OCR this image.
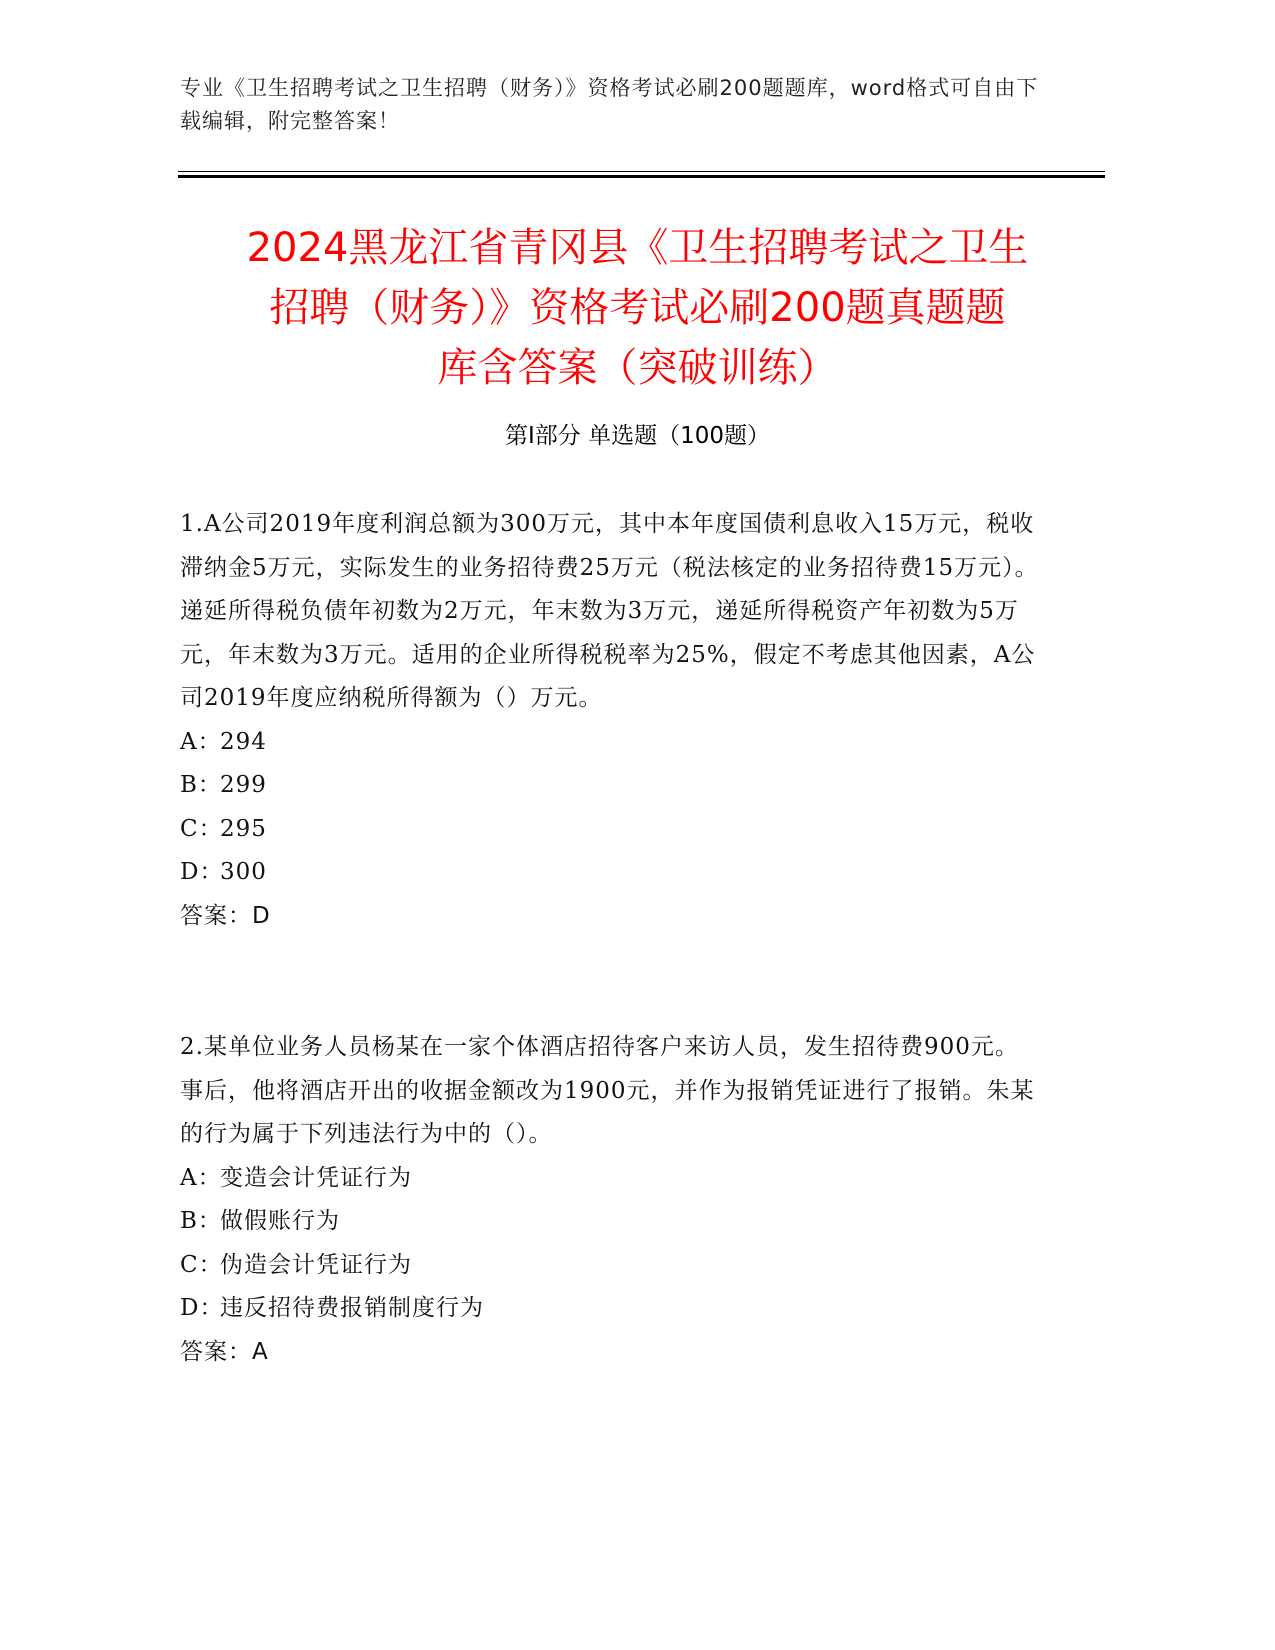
专业《卫生招聘考试之卫生招聘（财务）》资格考试必刷200题题库，word格式可自由下载编辑，附完整答案！
2024黑龙江省青冈县《卫生招聘考试之卫生
招聘（财务）》资格考试必刷200题真题题
库含答案（突破训练）
第Ⅰ部分 单选题（100题）
1.A公司2019年度利润总额为300万元，其中本年度国债利息收入15万元，税收滞纳金5万元，实际发生的业务招待费25万元（税法核定的业务招待费15万元）。递延所得税负债年初数为2万元，年末数为3万元，递延所得税资产年初数为5万元，年末数为3万元。适用的企业所得税税率为25%，假定不考虑其他因素，A公司2019年度应纳税所得额为（）万元。
A：
294
B：
299
C：
295
D：
300
答案：D
2.某单位业务人员杨某在一家个体酒店招待客户来访人员，发生招待费900元。事后，他将酒店开出的收据金额改为1900元，并作为报销凭证进行了报销。朱某的行为属于下列违法行为中的（）。
A：
变造会计凭证行为
B：
做假账行为
C：
伪造会计凭证行为
D：
违反招待费报销制度行为
答案：A
